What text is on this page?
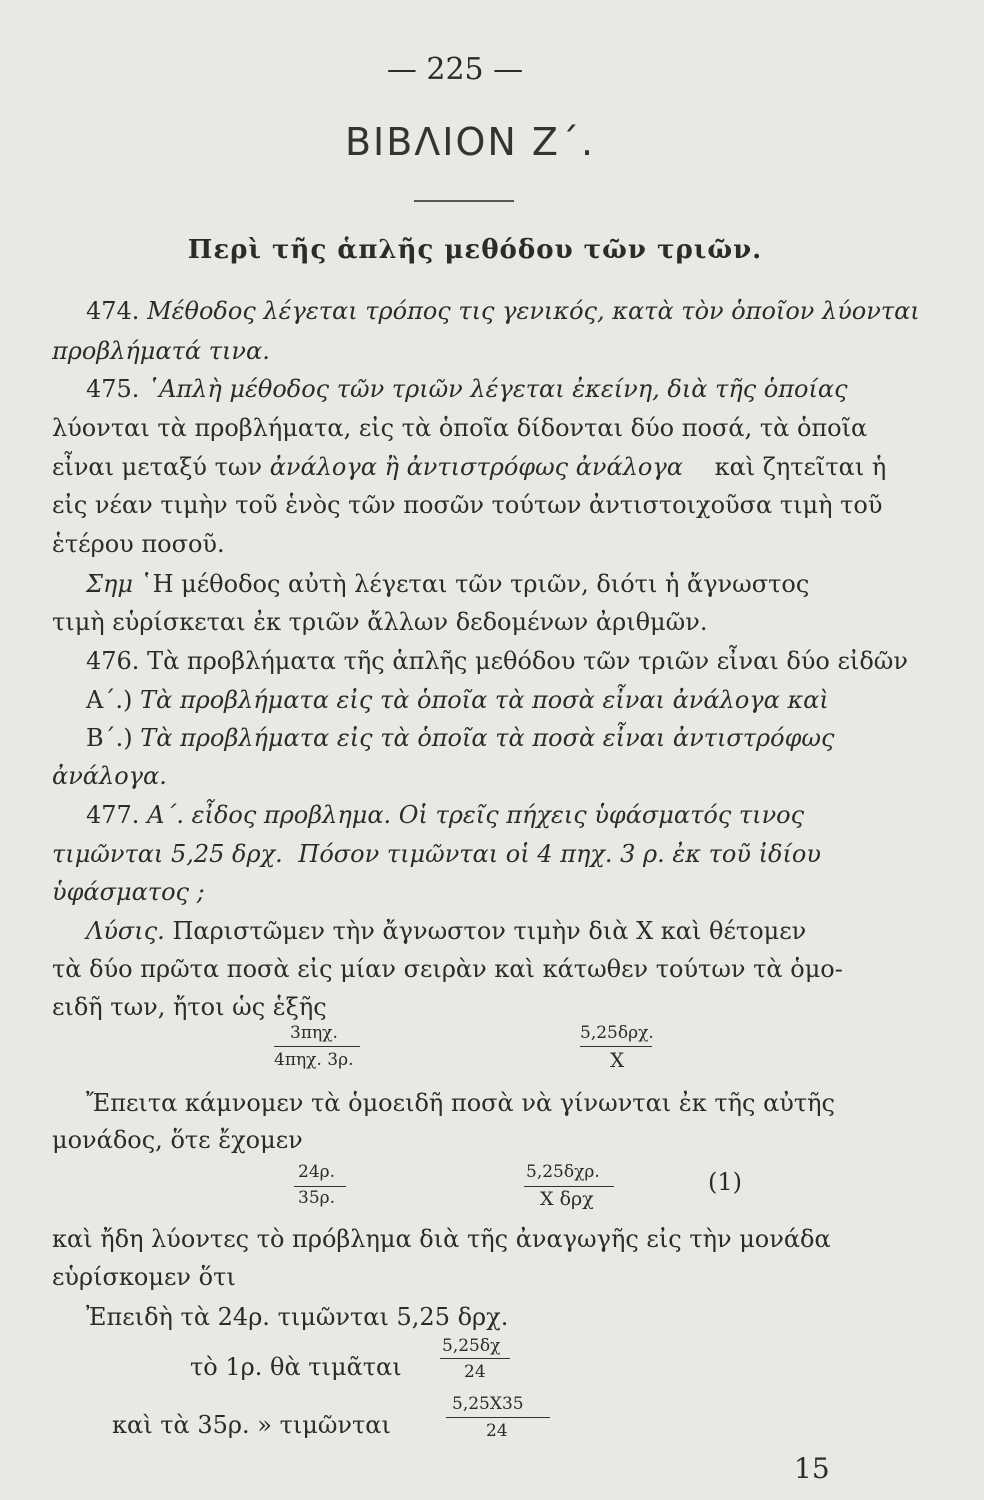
— 225 —
ΒΙΒΛΙΟΝ Ζ΄.
Περὶ τῆς ἁπλῆς μεθόδου τῶν τριῶν.
474. Μέθοδος λέγεται τρόπος τις γενικός, κατὰ τὸν ὁποῖον λύονται
προβλήματά τινα.
475. ῾Απλὴ μέθοδος τῶν τριῶν λέγεται ἐκείνη, διὰ τῆς ὁποίας
λύονται τὰ προβλήματα, εἰς τὰ ὁποῖα δίδονται δύο ποσά, τὰ ὁποῖα
εἶναι μεταξύ των ἀνάλογα ἢ ἀντιστρόφως ἀνάλογα καὶ ζητεῖται ἡ
εἰς νέαν τιμὴν τοῦ ἑνὸς τῶν ποσῶν τούτων ἀντιστοιχοῦσα τιμὴ τοῦ
ἑτέρου ποσοῦ.
Σημ ῾Η μέθοδος αὐτὴ λέγεται τῶν τριῶν, διότι ἡ ἄγνωστος
τιμὴ εὑρίσκεται ἐκ τριῶν ἄλλων δεδομένων ἀριθμῶν.
476. Τὰ προβλήματα τῆς ἁπλῆς μεθόδου τῶν τριῶν εἶναι δύο εἰδῶν
Α΄.) Τὰ προβλήματα εἰς τὰ ὁποῖα τὰ ποσὰ εἶναι ἀνάλογα καὶ
Β΄.) Τὰ προβλήματα εἰς τὰ ὁποῖα τὰ ποσὰ εἶναι ἀντιστρόφως
ἀνάλογα.
477. Α΄. εἶδος προβλημα. Οἱ τρεῖς πήχεις ὑφάσματός τινος
τιμῶνται 5,25 δρχ. Πόσον τιμῶνται οἱ 4 πηχ. 3 ρ. ἐκ τοῦ ἰδίου
ὑφάσματος ;
Λύσις. Παριστῶμεν τὴν ἄγνωστον τιμὴν διὰ Χ καὶ θέτομεν
τὰ δύο πρῶτα ποσὰ εἰς μίαν σειρὰν καὶ κάτωθεν τούτων τὰ ὁμο-
ειδῆ των, ἤτοι ὡς ἑξῆς
3πηχ.
4πηχ. 3ρ.
5,25δρχ.
Χ
Ἔπειτα κάμνομεν τὰ ὁμοειδῆ ποσὰ νὰ γίνωνται ἐκ τῆς αὐτῆς
μονάδος, ὅτε ἔχομεν
24ρ.
35ρ.
5,25δχρ.
Χ δρχ
(1)
καὶ ἤδη λύοντες τὸ πρόβλημα διὰ τῆς ἀναγωγῆς εἰς τὴν μονάδα
εὑρίσκομεν ὅτι
Ἐπειδὴ τὰ 24ρ. τιμῶνται 5,25 δρχ.
τὸ 1ρ. θὰ τιμᾶται
5,25δχ
24
καὶ τὰ 35ρ. » τιμῶνται
5,25Χ35
24
15
